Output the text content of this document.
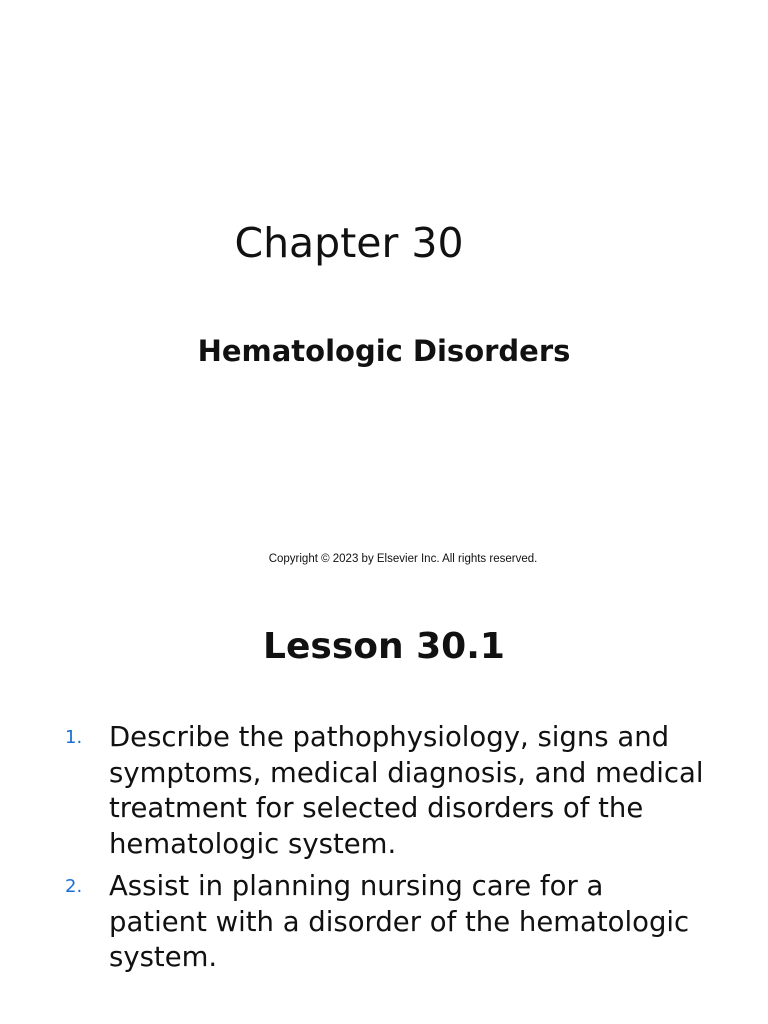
Chapter 30
Hematologic Disorders

Copyright © 2023 by Elsevier Inc. All rights reserved.

Lesson 30.1
1. Describe the pathophysiology, signs and symptoms, medical diagnosis, and medical treatment for selected disorders of the hematologic system.
2. Assist in planning nursing care for a patient with a disorder of the hematologic system.
